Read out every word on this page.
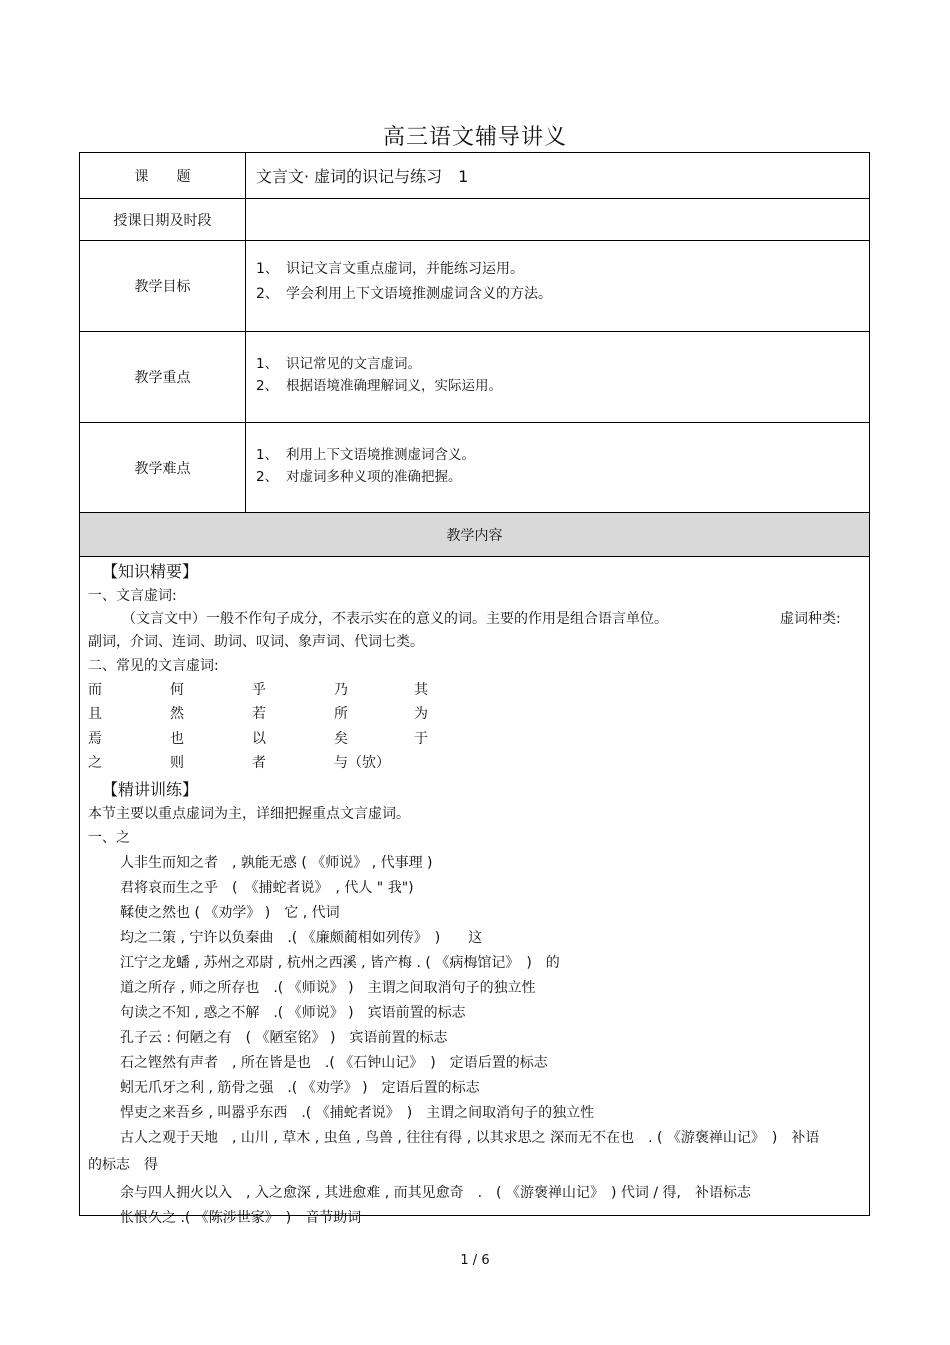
高三语文辅导讲义
课　　题	文言文· 虚词的识记与练习　1
授课日期及时段
教学目标
1、 识记文言文重点虚词，并能练习运用。
2、 学会利用上下文语境推测虚词含义的方法。
教学重点
1、 识记常见的文言虚词。
2、 根据语境准确理解词义，实际运用。
教学难点
1、 利用上下文语境推测虚词含义。
2、 对虚词多种义项的准确把握。
教学内容
【知识精要】
一、文言虚词:
（文言文中）一般不作句子成分，不表示实在的意义的词。主要的作用是组合语言单位。	虚词种类:
副词，介词、连词、助词、叹词、象声词、代词七类。
二、常见的文言虚词:
而	何	乎	乃	其
且	然	若	所	为
焉	也	以	矣	于
之	则	者	与（欤）
【精讲训练】
本节主要以重点虚词为主，详细把握重点文言虚词。
一、之
人非生而知之者　, 孰能无惑 ( 《师说》 , 代事理 )
君将哀而生之乎　(　《捕蛇者说》　, 代人 " 我")
鞣使之然也 ( 《劝学》 )　它 , 代词
均之二策 , 宁许以负秦曲　.( 《廉颇蔺相如列传》　)　　这
江宁之龙蟠 , 苏州之邓尉 , 杭州之西溪 , 皆产梅 . ( 《病梅馆记》　)　的
道之所存 , 师之所存也　.( 《师说》 )　主谓之间取消句子的独立性
句读之不知 , 惑之不解　.( 《师说》 )　宾语前置的标志
孔子云 : 何陋之有　( 《陋室铭》 )　宾语前置的标志
石之铿然有声者　, 所在皆是也　.( 《石钟山记》　)　定语后置的标志
蚓无爪牙之利 , 筋骨之强　.( 《劝学》 )　定语后置的标志
悍吏之来吾乡 , 叫嚣乎东西　.( 《捕蛇者说》　)　主谓之间取消句子的独立性
古人之观于天地　, 山川 , 草木 , 虫鱼 , 鸟兽 , 往往有得 , 以其求思之 深而无不在也　. ( 《游褒禅山记》　)　补语
的标志　得
余与四人拥火以入　, 入之愈深 , 其进愈难 , 而其见愈奇　.　( 《游褒禅山记》　) 代词 / 得,　补语标志
怅恨久之 .( 《陈涉世家》　)　音节助词
1 / 6
